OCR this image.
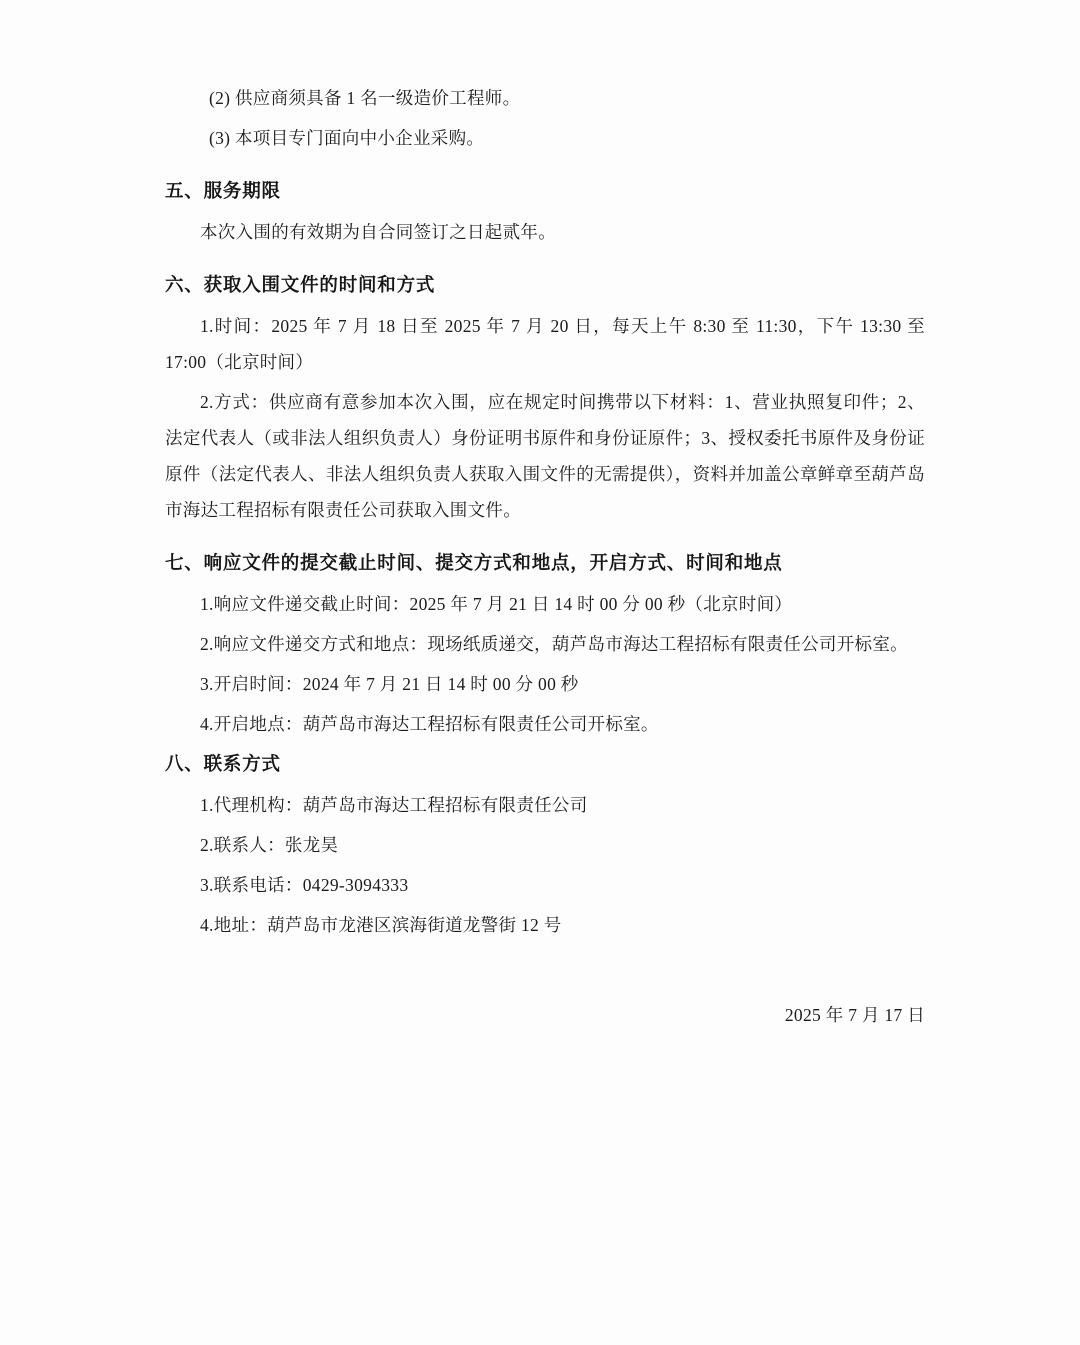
(2) 供应商须具备 1 名一级造价工程师。

(3) 本项目专门面向中小企业采购。

五、服务期限

本次入围的有效期为自合同签订之日起贰年。

六、获取入围文件的时间和方式

1.时间：2025 年 7 月 18 日至 2025 年 7 月 20 日，每天上午 8:30 至 11:30，下午 13:30 至 17:00（北京时间）

2.方式：供应商有意参加本次入围，应在规定时间携带以下材料：1、营业执照复印件；2、法定代表人（或非法人组织负责人）身份证明书原件和身份证原件；3、授权委托书原件及身份证原件（法定代表人、非法人组织负责人获取入围文件的无需提供），资料并加盖公章鲜章至葫芦岛市海达工程招标有限责任公司获取入围文件。

七、响应文件的提交截止时间、提交方式和地点，开启方式、时间和地点

1.响应文件递交截止时间：2025 年 7 月 21 日 14 时 00 分 00 秒（北京时间）

2.响应文件递交方式和地点：现场纸质递交，葫芦岛市海达工程招标有限责任公司开标室。

3.开启时间：2024 年 7 月 21 日 14 时 00 分 00 秒

4.开启地点：葫芦岛市海达工程招标有限责任公司开标室。

八、联系方式

1.代理机构：葫芦岛市海达工程招标有限责任公司

2.联系人：张龙昊

3.联系电话：0429-3094333

4.地址：葫芦岛市龙港区滨海街道龙警街 12 号

2025 年 7 月 17 日
